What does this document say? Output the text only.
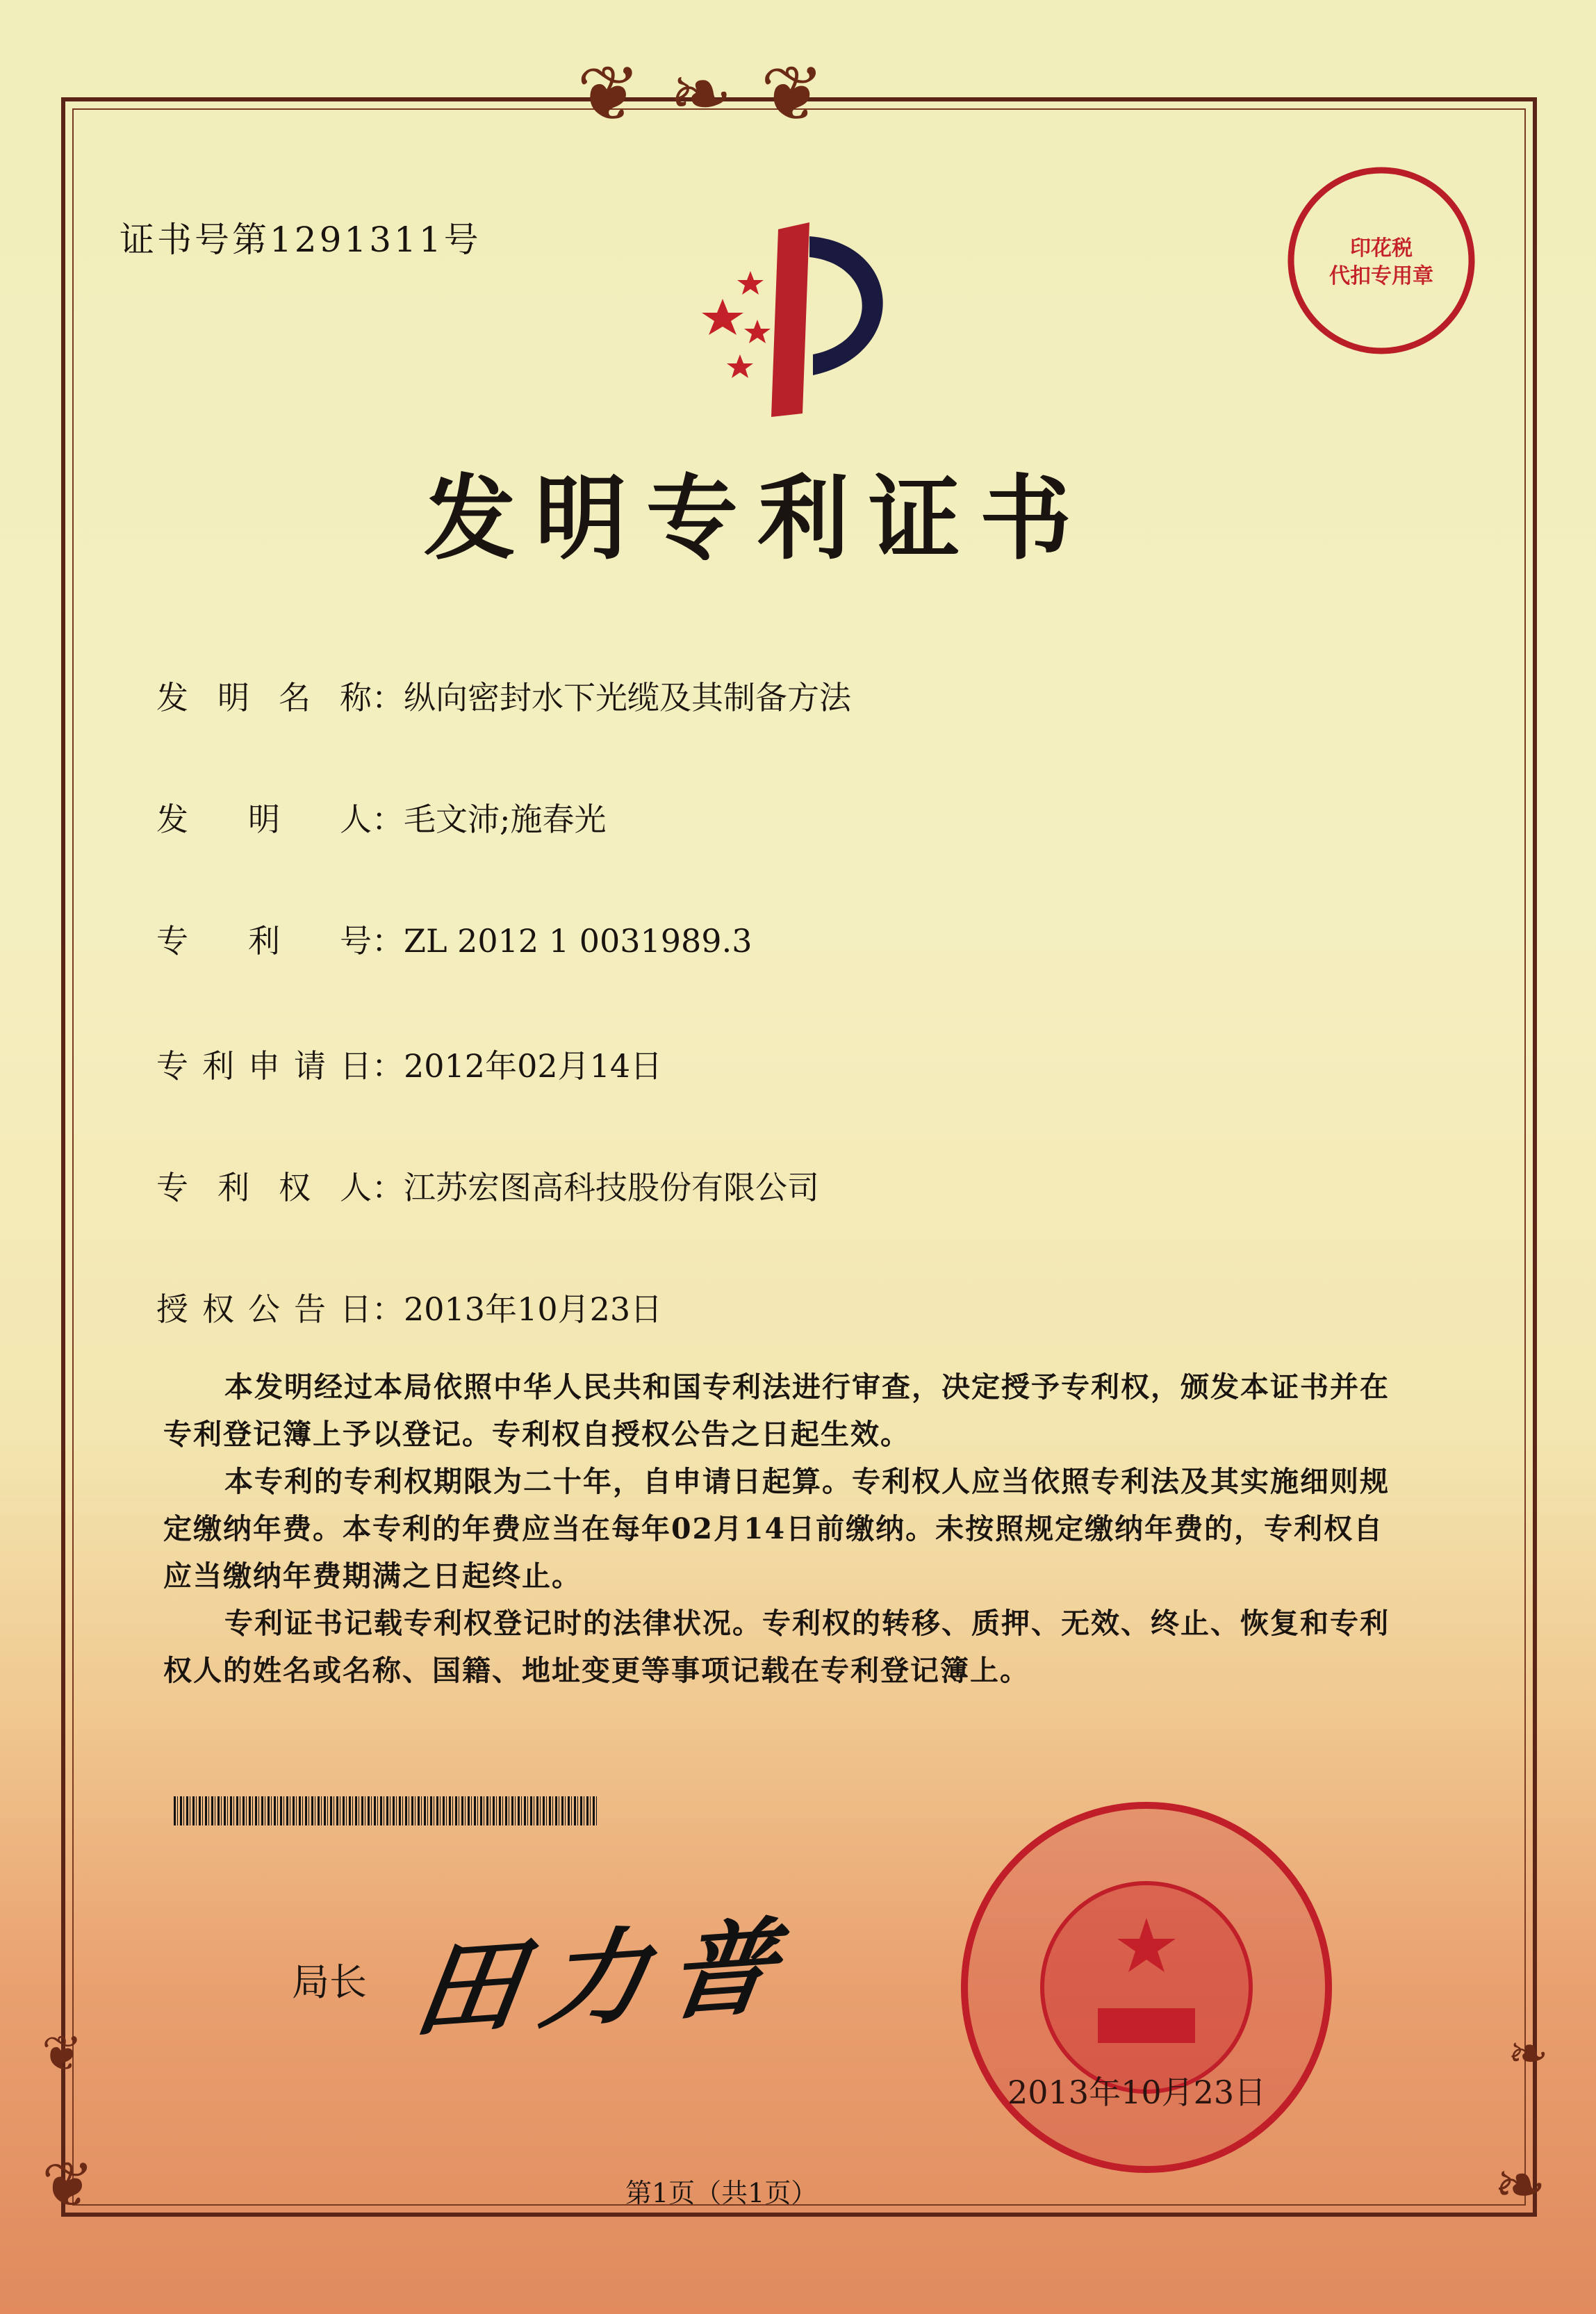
❦❧❦
❦	❧
❦	❧
证书号第1291311号	印花税
代扣专用章
发明专利证书
发明名称：纵向密封水下光缆及其制备方法
发明人：毛文沛;施春光
专利号：ZL 2012 1 0031989.3
专利申请日：2012年02月14日
专利权人：江苏宏图高科技股份有限公司
授权公告日：2013年10月23日

本发明经过本局依照中华人民共和国专利法进行审查，决定授予专利权，颁发本证书并在专利登记簿上予以登记。专利权自授权公告之日起生效。

本专利的专利权期限为二十年，自申请日起算。专利权人应当依照专利法及其实施细则规定缴纳年费。本专利的年费应当在每年02月14日前缴纳。未按照规定缴纳年费的，专利权自应当缴纳年费期满之日起终止。

专利证书记载专利权登记时的法律状况。专利权的转移、质押、无效、终止、恢复和专利权人的姓名或名称、国籍、地址变更等事项记载在专利登记簿上。

局长 田力普
2013年10月23日
第1页（共1页）
